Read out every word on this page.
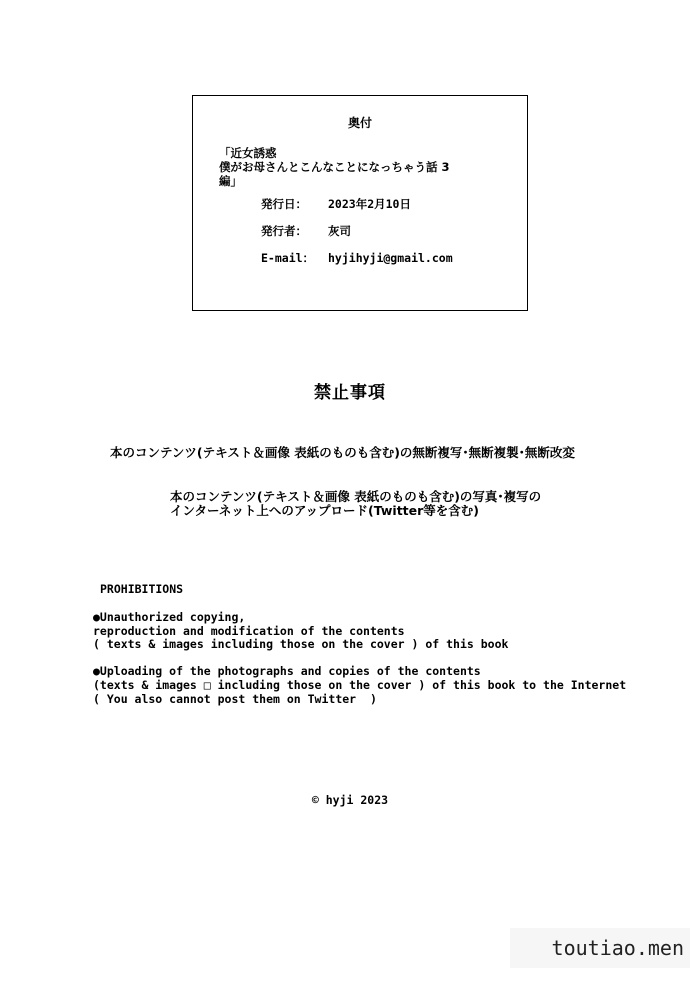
奥付
「近女誘惑
僕がお母さんとこんなことになっちゃう話 3
編」
発行日： 2023年2月10日
発行者： 灰司
E-mail： hyjihyji@gmail.com
禁止事項
本のコンテンツ(テキスト＆画像 表紙のものも含む)の無断複写･無断複製･無断改変
本のコンテンツ(テキスト＆画像 表紙のものも含む)の写真･複写の
インターネット上へのアップロード(Twitter等を含む)
PROHIBITIONS
●Unauthorized copying,
reproduction and modification of the contents
( texts & images including those on the cover ) of this book
●Uploading of the photographs and copies of the contents
(texts & images □ including those on the cover ) of this book to the Internet
( You also cannot post them on Twitter  )
© hyji 2023
toutiao.men
